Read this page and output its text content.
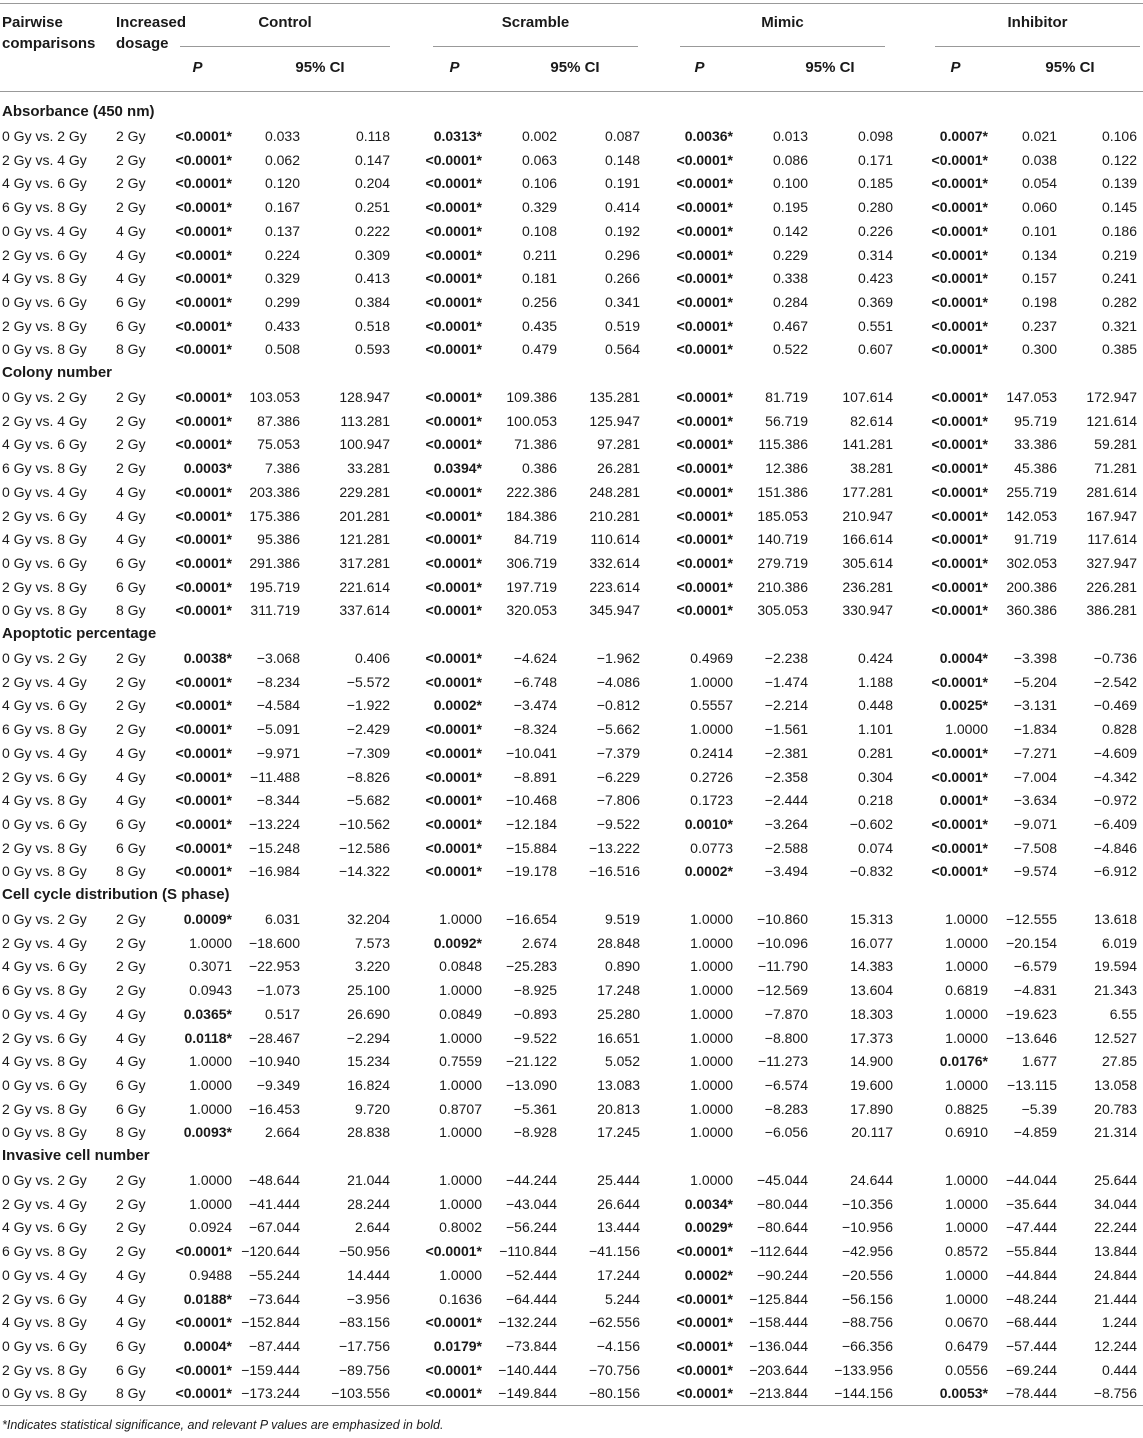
Pairwise
comparisons
Increased
dosage
Control	Scramble	Mimic	Inhibitor
P	95% CI	P	95% CI	P	95% CI	P	95% CI
Absorbance (450 nm)
0 Gy vs. 2 Gy	2 Gy	<0.0001*	0.033	0.118	0.0313*	0.002	0.087	0.0036*	0.013	0.098	0.0007*	0.021	0.106
2 Gy vs. 4 Gy	2 Gy	<0.0001*	0.062	0.147	<0.0001*	0.063	0.148	<0.0001*	0.086	0.171	<0.0001*	0.038	0.122
4 Gy vs. 6 Gy	2 Gy	<0.0001*	0.120	0.204	<0.0001*	0.106	0.191	<0.0001*	0.100	0.185	<0.0001*	0.054	0.139
6 Gy vs. 8 Gy	2 Gy	<0.0001*	0.167	0.251	<0.0001*	0.329	0.414	<0.0001*	0.195	0.280	<0.0001*	0.060	0.145
0 Gy vs. 4 Gy	4 Gy	<0.0001*	0.137	0.222	<0.0001*	0.108	0.192	<0.0001*	0.142	0.226	<0.0001*	0.101	0.186
2 Gy vs. 6 Gy	4 Gy	<0.0001*	0.224	0.309	<0.0001*	0.211	0.296	<0.0001*	0.229	0.314	<0.0001*	0.134	0.219
4 Gy vs. 8 Gy	4 Gy	<0.0001*	0.329	0.413	<0.0001*	0.181	0.266	<0.0001*	0.338	0.423	<0.0001*	0.157	0.241
0 Gy vs. 6 Gy	6 Gy	<0.0001*	0.299	0.384	<0.0001*	0.256	0.341	<0.0001*	0.284	0.369	<0.0001*	0.198	0.282
2 Gy vs. 8 Gy	6 Gy	<0.0001*	0.433	0.518	<0.0001*	0.435	0.519	<0.0001*	0.467	0.551	<0.0001*	0.237	0.321
0 Gy vs. 8 Gy	8 Gy	<0.0001*	0.508	0.593	<0.0001*	0.479	0.564	<0.0001*	0.522	0.607	<0.0001*	0.300	0.385
Colony number
0 Gy vs. 2 Gy	2 Gy	<0.0001*	103.053	128.947	<0.0001*	109.386	135.281	<0.0001*	81.719	107.614	<0.0001*	147.053	172.947
2 Gy vs. 4 Gy	2 Gy	<0.0001*	87.386	113.281	<0.0001*	100.053	125.947	<0.0001*	56.719	82.614	<0.0001*	95.719	121.614
4 Gy vs. 6 Gy	2 Gy	<0.0001*	75.053	100.947	<0.0001*	71.386	97.281	<0.0001*	115.386	141.281	<0.0001*	33.386	59.281
6 Gy vs. 8 Gy	2 Gy	0.0003*	7.386	33.281	0.0394*	0.386	26.281	<0.0001*	12.386	38.281	<0.0001*	45.386	71.281
0 Gy vs. 4 Gy	4 Gy	<0.0001*	203.386	229.281	<0.0001*	222.386	248.281	<0.0001*	151.386	177.281	<0.0001*	255.719	281.614
2 Gy vs. 6 Gy	4 Gy	<0.0001*	175.386	201.281	<0.0001*	184.386	210.281	<0.0001*	185.053	210.947	<0.0001*	142.053	167.947
4 Gy vs. 8 Gy	4 Gy	<0.0001*	95.386	121.281	<0.0001*	84.719	110.614	<0.0001*	140.719	166.614	<0.0001*	91.719	117.614
0 Gy vs. 6 Gy	6 Gy	<0.0001*	291.386	317.281	<0.0001*	306.719	332.614	<0.0001*	279.719	305.614	<0.0001*	302.053	327.947
2 Gy vs. 8 Gy	6 Gy	<0.0001*	195.719	221.614	<0.0001*	197.719	223.614	<0.0001*	210.386	236.281	<0.0001*	200.386	226.281
0 Gy vs. 8 Gy	8 Gy	<0.0001*	311.719	337.614	<0.0001*	320.053	345.947	<0.0001*	305.053	330.947	<0.0001*	360.386	386.281
Apoptotic percentage
0 Gy vs. 2 Gy	2 Gy	0.0038*	−3.068	0.406	<0.0001*	−4.624	−1.962	0.4969	−2.238	0.424	0.0004*	−3.398	−0.736
2 Gy vs. 4 Gy	2 Gy	<0.0001*	−8.234	−5.572	<0.0001*	−6.748	−4.086	1.0000	−1.474	1.188	<0.0001*	−5.204	−2.542
4 Gy vs. 6 Gy	2 Gy	<0.0001*	−4.584	−1.922	0.0002*	−3.474	−0.812	0.5557	−2.214	0.448	0.0025*	−3.131	−0.469
6 Gy vs. 8 Gy	2 Gy	<0.0001*	−5.091	−2.429	<0.0001*	−8.324	−5.662	1.0000	−1.561	1.101	1.0000	−1.834	0.828
0 Gy vs. 4 Gy	4 Gy	<0.0001*	−9.971	−7.309	<0.0001*	−10.041	−7.379	0.2414	−2.381	0.281	<0.0001*	−7.271	−4.609
2 Gy vs. 6 Gy	4 Gy	<0.0001*	−11.488	−8.826	<0.0001*	−8.891	−6.229	0.2726	−2.358	0.304	<0.0001*	−7.004	−4.342
4 Gy vs. 8 Gy	4 Gy	<0.0001*	−8.344	−5.682	<0.0001*	−10.468	−7.806	0.1723	−2.444	0.218	0.0001*	−3.634	−0.972
0 Gy vs. 6 Gy	6 Gy	<0.0001*	−13.224	−10.562	<0.0001*	−12.184	−9.522	0.0010*	−3.264	−0.602	<0.0001*	−9.071	−6.409
2 Gy vs. 8 Gy	6 Gy	<0.0001*	−15.248	−12.586	<0.0001*	−15.884	−13.222	0.0773	−2.588	0.074	<0.0001*	−7.508	−4.846
0 Gy vs. 8 Gy	8 Gy	<0.0001*	−16.984	−14.322	<0.0001*	−19.178	−16.516	0.0002*	−3.494	−0.832	<0.0001*	−9.574	−6.912
Cell cycle distribution (S phase)
0 Gy vs. 2 Gy	2 Gy	0.0009*	6.031	32.204	1.0000	−16.654	9.519	1.0000	−10.860	15.313	1.0000	−12.555	13.618
2 Gy vs. 4 Gy	2 Gy	1.0000	−18.600	7.573	0.0092*	2.674	28.848	1.0000	−10.096	16.077	1.0000	−20.154	6.019
4 Gy vs. 6 Gy	2 Gy	0.3071	−22.953	3.220	0.0848	−25.283	0.890	1.0000	−11.790	14.383	1.0000	−6.579	19.594
6 Gy vs. 8 Gy	2 Gy	0.0943	−1.073	25.100	1.0000	−8.925	17.248	1.0000	−12.569	13.604	0.6819	−4.831	21.343
0 Gy vs. 4 Gy	4 Gy	0.0365*	0.517	26.690	0.0849	−0.893	25.280	1.0000	−7.870	18.303	1.0000	−19.623	6.55
2 Gy vs. 6 Gy	4 Gy	0.0118*	−28.467	−2.294	1.0000	−9.522	16.651	1.0000	−8.800	17.373	1.0000	−13.646	12.527
4 Gy vs. 8 Gy	4 Gy	1.0000	−10.940	15.234	0.7559	−21.122	5.052	1.0000	−11.273	14.900	0.0176*	1.677	27.85
0 Gy vs. 6 Gy	6 Gy	1.0000	−9.349	16.824	1.0000	−13.090	13.083	1.0000	−6.574	19.600	1.0000	−13.115	13.058
2 Gy vs. 8 Gy	6 Gy	1.0000	−16.453	9.720	0.8707	−5.361	20.813	1.0000	−8.283	17.890	0.8825	−5.39	20.783
0 Gy vs. 8 Gy	8 Gy	0.0093*	2.664	28.838	1.0000	−8.928	17.245	1.0000	−6.056	20.117	0.6910	−4.859	21.314
Invasive cell number
0 Gy vs. 2 Gy	2 Gy	1.0000	−48.644	21.044	1.0000	−44.244	25.444	1.0000	−45.044	24.644	1.0000	−44.044	25.644
2 Gy vs. 4 Gy	2 Gy	1.0000	−41.444	28.244	1.0000	−43.044	26.644	0.0034*	−80.044	−10.356	1.0000	−35.644	34.044
4 Gy vs. 6 Gy	2 Gy	0.0924	−67.044	2.644	0.8002	−56.244	13.444	0.0029*	−80.644	−10.956	1.0000	−47.444	22.244
6 Gy vs. 8 Gy	2 Gy	<0.0001* −120.644	−50.956	<0.0001* −110.844	−41.156	<0.0001* −112.644	−42.956	0.8572	−55.844	13.844
0 Gy vs. 4 Gy	4 Gy	0.9488	−55.244	14.444	1.0000	−52.444	17.244	0.0002*	−90.244	−20.556	1.0000	−44.844	24.844
2 Gy vs. 6 Gy	4 Gy	0.0188*	−73.644	−3.956	0.1636	−64.444	5.244	<0.0001* −125.844	−56.156	1.0000	−48.244	21.444
4 Gy vs. 8 Gy	4 Gy	<0.0001* −152.844	−83.156	<0.0001* −132.244	−62.556	<0.0001* −158.444	−88.756	0.0670	−68.444	1.244
0 Gy vs. 6 Gy	6 Gy	0.0004*	−87.444	−17.756	0.0179*	−73.844	−4.156	<0.0001* −136.044	−66.356	0.6479	−57.444	12.244
2 Gy vs. 8 Gy	6 Gy	<0.0001* −159.444	−89.756	<0.0001* −140.444	−70.756	<0.0001* −203.644	−133.956	0.0556	−69.244	0.444
0 Gy vs. 8 Gy	8 Gy	<0.0001* −173.244	−103.556	<0.0001* −149.844	−80.156	<0.0001* −213.844	−144.156	0.0053*	−78.444	−8.756
*Indicates statistical significance, and relevant P values are emphasized in bold.
